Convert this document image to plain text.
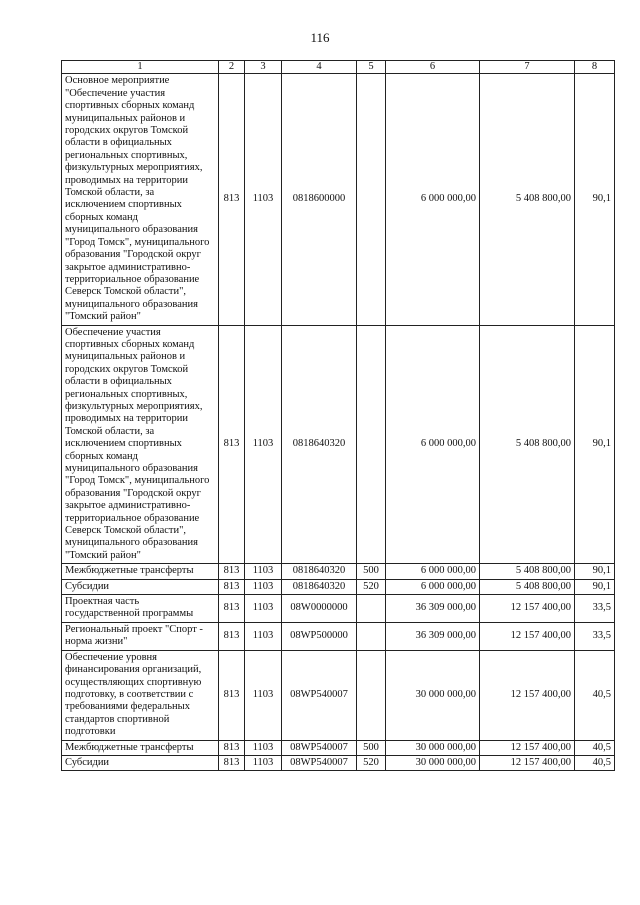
116
1	2	3	4	5	6	7	8
Основное мероприятие "Обеспечение участия спортивных сборных команд муниципальных районов и городских округов Томской области в официальных региональных спортивных, физкультурных мероприятиях, проводимых на территории Томской области, за исключением спортивных сборных команд муниципального образования "Город Томск", муниципального образования "Городской округ закрытое административно-территориальное образование Северск Томской области", муниципального образования "Томский район"	813	1103	0818600000		6 000 000,00	5 408 800,00	90,1
Обеспечение участия спортивных сборных команд муниципальных районов и городских округов Томской области в официальных региональных спортивных, физкультурных мероприятиях, проводимых на территории Томской области, за исключением спортивных сборных команд муниципального образования "Город Томск", муниципального образования "Городской округ закрытое административно-территориальное образование Северск Томской области", муниципального образования "Томский район"	813	1103	0818640320		6 000 000,00	5 408 800,00	90,1
Межбюджетные трансферты	813	1103	0818640320	500	6 000 000,00	5 408 800,00	90,1
Субсидии	813	1103	0818640320	520	6 000 000,00	5 408 800,00	90,1
Проектная часть государственной программы	813	1103	08W0000000		36 309 000,00	12 157 400,00	33,5
Региональный проект "Спорт - норма жизни"	813	1103	08WP500000		36 309 000,00	12 157 400,00	33,5
Обеспечение уровня финансирования организаций, осуществляющих спортивную подготовку, в соответствии с требованиями федеральных стандартов спортивной подготовки	813	1103	08WP540007		30 000 000,00	12 157 400,00	40,5
Межбюджетные трансферты	813	1103	08WP540007	500	30 000 000,00	12 157 400,00	40,5
Субсидии	813	1103	08WP540007	520	30 000 000,00	12 157 400,00	40,5
